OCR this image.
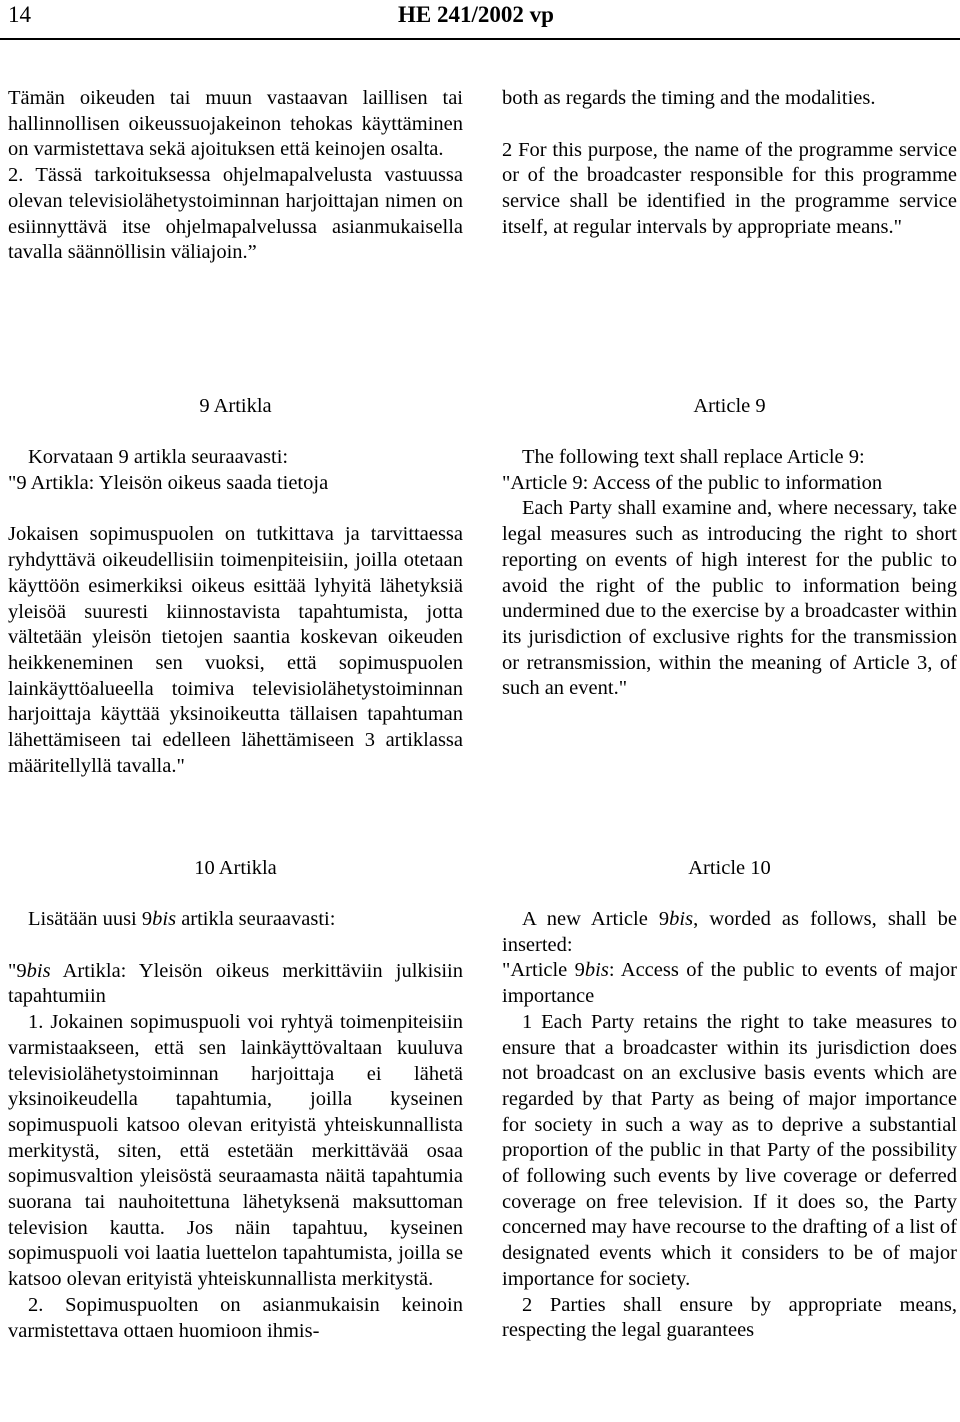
14	HE 241/2002 vp

Tämän oikeuden tai muun vastaavan laillisen tai hallinnollisen oikeussuojakeinon tehokas käyttäminen on varmistettava sekä ajoituksen että keinojen osalta.

2. Tässä tarkoituksessa ohjelmapalvelusta vastuussa olevan televisiolähetystoiminnan harjoittajan nimen on esiinnyttävä itse ohjelmapalvelussa asianmukaisella tavalla säännöllisin väliajoin.”

both as regards the timing and the modalities.

2 For this purpose, the name of the programme service or of the broadcaster responsible for this programme service shall be identified in the programme service itself, at regular intervals by appropriate means."

9 Artikla	Article 9

Korvataan 9 artikla seuraavasti:

"9 Artikla: Yleisön oikeus saada tietoja

Jokaisen sopimuspuolen on tutkittava ja tarvittaessa ryhdyttävä oikeudellisiin toimenpiteisiin, joilla otetaan käyttöön esimerkiksi oikeus esittää lyhyitä lähetyksiä yleisöä suuresti kiinnostavista tapahtumista, jotta vältetään yleisön tietojen saantia koskevan oikeuden heikkeneminen sen vuoksi, että sopimuspuolen lainkäyttöalueella toimiva televisiolähetystoiminnan harjoittaja käyttää yksinoikeutta tällaisen tapahtuman lähettämiseen tai edelleen lähettämiseen 3 artiklassa määritellyllä tavalla."

The following text shall replace Article 9:

"Article 9: Access of the public to information

Each Party shall examine and, where necessary, take legal measures such as introducing the right to short reporting on events of high interest for the public to avoid the right of the public to information being undermined due to the exercise by a broadcaster within its jurisdiction of exclusive rights for the transmission or retransmission, within the meaning of Article 3, of such an event."

10 Artikla	Article 10

Lisätään uusi 9bis artikla seuraavasti:

"9bis Artikla: Yleisön oikeus merkittäviin julkisiin tapahtumiin

1. Jokainen sopimuspuoli voi ryhtyä toimenpiteisiin varmistaakseen, että sen lainkäyttövaltaan kuuluva televisiolähetystoiminnan harjoittaja ei lähetä yksinoikeudella tapahtumia, joilla kyseinen sopimuspuoli katsoo olevan erityistä yhteiskunnallista merkitystä, siten, että estetään merkittävää osaa sopimusvaltion yleisöstä seuraamasta näitä tapahtumia suorana tai nauhoitettuna lähetyksenä maksuttoman television kautta. Jos näin tapahtuu, kyseinen sopimuspuoli voi laatia luettelon tapahtumista, joilla se katsoo olevan erityistä yhteiskunnallista merkitystä.

2. Sopimuspuolten on asianmukaisin keinoin varmistettava ottaen huomioon ihmis-

A new Article 9bis, worded as follows, shall be inserted:

"Article 9bis: Access of the public to events of major importance

1 Each Party retains the right to take measures to ensure that a broadcaster within its jurisdiction does not broadcast on an exclusive basis events which are regarded by that Party as being of major importance for society in such a way as to deprive a substantial proportion of the public in that Party of the possibility of following such events by live coverage or deferred coverage on free television. If it does so, the Party concerned may have recourse to the drafting of a list of designated events which it considers to be of major importance for society.

2 Parties shall ensure by appropriate means, respecting the legal guarantees
